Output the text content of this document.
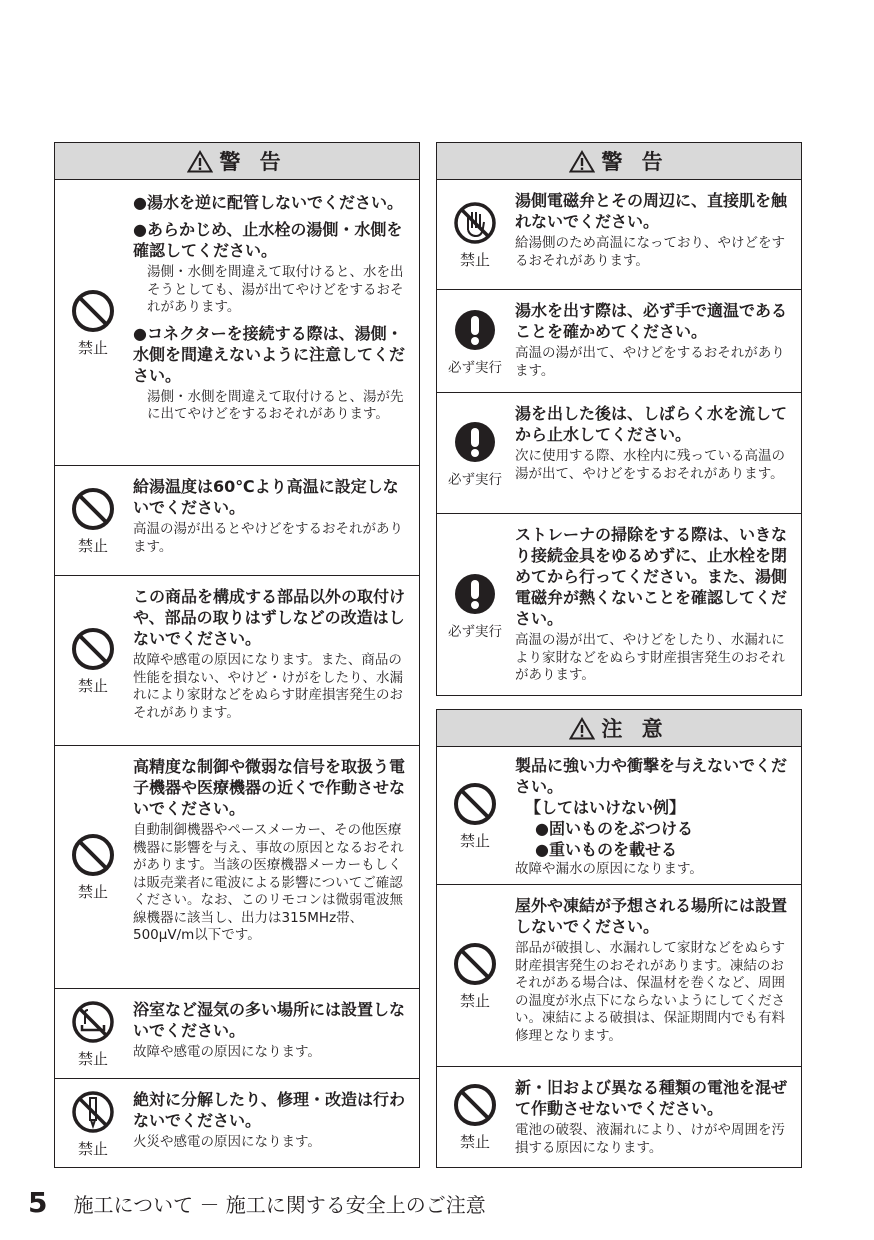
警 告
禁止

●湯水を逆に配管しないでください。

●あらかじめ、止水栓の湯側・水側を確認してください。

湯側・水側を間違えて取付けると、水を出そうとしても、湯が出てやけどをするおそれがあります。

●コネクターを接続する際は、湯側・水側を間違えないように注意してください。

湯側・水側を間違えて取付けると、湯が先に出てやけどをするおそれがあります。

禁止

給湯温度は60℃より高温に設定しないでください。

高温の湯が出るとやけどをするおそれがあります。

禁止

この商品を構成する部品以外の取付けや、部品の取りはずしなどの改造はしないでください。

故障や感電の原因になります。また、商品の性能を損ない、やけど・けがをしたり、水漏れにより家財などをぬらす財産損害発生のおそれがあります。

禁止

高精度な制御や微弱な信号を取扱う電子機器や医療機器の近くで作動させないでください。

自動制御機器やペースメーカー、その他医療機器に影響を与え、事故の原因となるおそれがあります。当該の医療機器メーカーもしくは販売業者に電波による影響についてご確認ください。なお、このリモコンは微弱電波無線機器に該当し、出力は315MHz帯、500μV/m以下です。

禁止

浴室など湿気の多い場所には設置しないでください。

故障や感電の原因になります。

禁止

絶対に分解したり、修理・改造は行わないでください。

火災や感電の原因になります。

警 告
禁止

湯側電磁弁とその周辺に、直接肌を触れないでください。

給湯側のため高温になっており、やけどをするおそれがあります。

必ず実行

湯水を出す際は、必ず手で適温であることを確かめてください。

高温の湯が出て、やけどをするおそれがあります。

必ず実行

湯を出した後は、しばらく水を流してから止水してください。

次に使用する際、水栓内に残っている高温の湯が出て、やけどをするおそれがあります。

必ず実行

ストレーナの掃除をする際は、いきなり接続金具をゆるめずに、止水栓を閉めてから行ってください。また、湯側電磁弁が熱くないことを確認してください。

高温の湯が出て、やけどをしたり、水漏れにより家財などをぬらす財産損害発生のおそれがあります。

注 意
禁止

製品に強い力や衝撃を与えないでください。

【してはいけない例】

●固いものをぶつける

●重いものを載せる

故障や漏水の原因になります。

禁止

屋外や凍結が予想される場所には設置しないでください。

部品が破損し、水漏れして家財などをぬらす財産損害発生のおそれがあります。凍結のおそれがある場合は、保温材を巻くなど、周囲の温度が氷点下にならないようにしてください。凍結による破損は、保証期間内でも有料修理となります。

禁止

新・旧および異なる種類の電池を混ぜて作動させないでください。

電池の破裂、液漏れにより、けがや周囲を汚損する原因になります。

5 施工について － 施工に関する安全上のご注意
